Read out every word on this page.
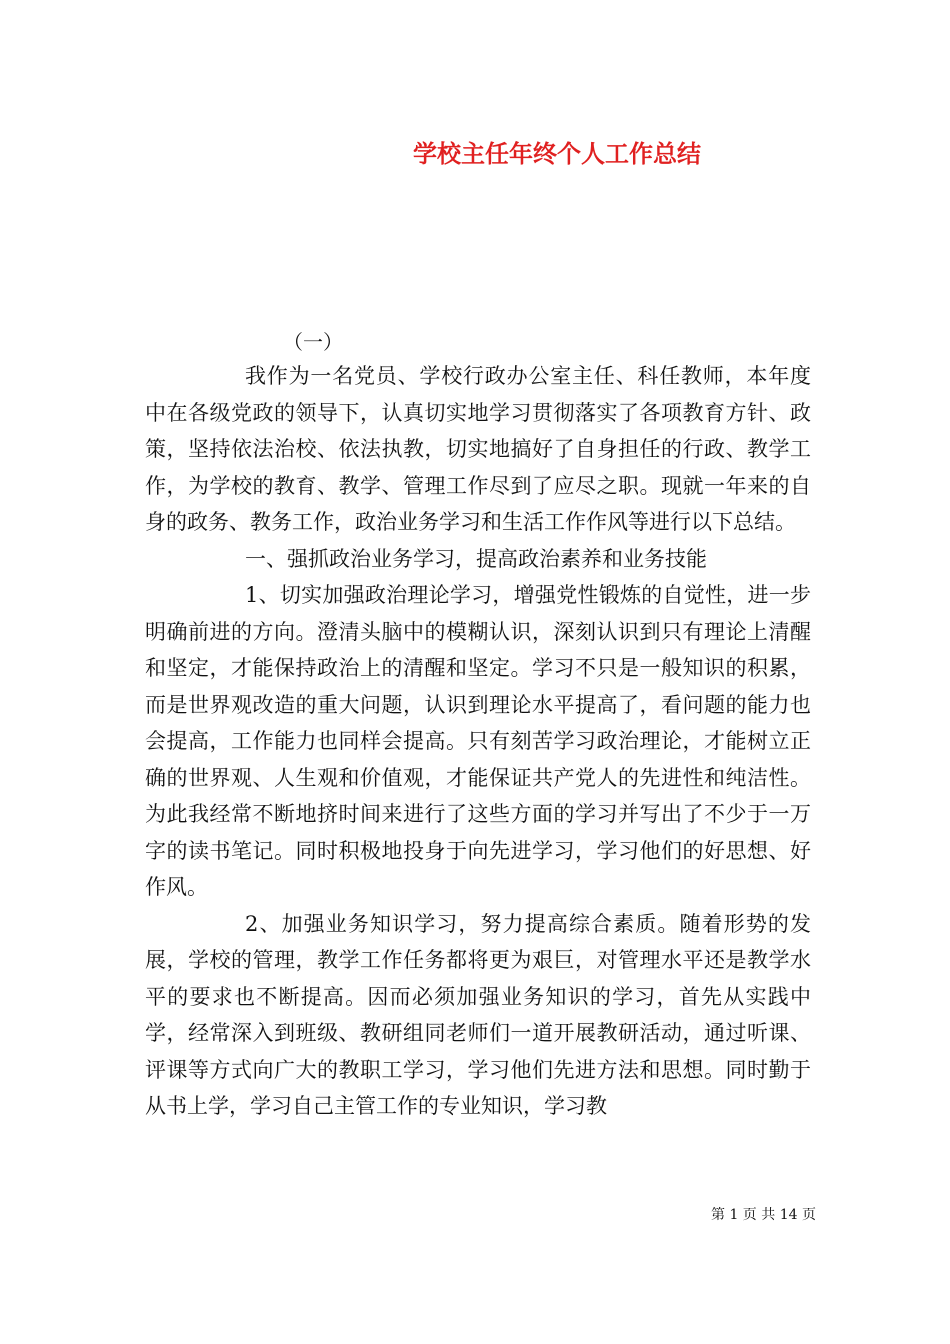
学校主任年终个人工作总结
（一）

我作为一名党员、学校行政办公室主任、科任教师，本年度中在各级党政的领导下，认真切实地学习贯彻落实了各项教育方针、政策，坚持依法治校、依法执教，切实地搞好了自身担任的行政、教学工作，为学校的教育、教学、管理工作尽到了应尽之职。现就一年来的自身的政务、教务工作，政治业务学习和生活工作作风等进行以下总结。

一、强抓政治业务学习，提高政治素养和业务技能

1、切实加强政治理论学习，增强党性锻炼的自觉性，进一步明确前进的方向。澄清头脑中的模糊认识，深刻认识到只有理论上清醒和坚定，才能保持政治上的清醒和坚定。学习不只是一般知识的积累，而是世界观改造的重大问题，认识到理论水平提高了，看问题的能力也会提高，工作能力也同样会提高。只有刻苦学习政治理论，才能树立正确的世界观、人生观和价值观，才能保证共产党人的先进性和纯洁性。为此我经常不断地挤时间来进行了这些方面的学习并写出了不少于一万字的读书笔记。同时积极地投身于向先进学习，学习他们的好思想、好作风。

2、加强业务知识学习，努力提高综合素质。随着形势的发展，学校的管理，教学工作任务都将更为艰巨，对管理水平还是教学水平的要求也不断提高。因而必须加强业务知识的学习，首先从实践中学，经常深入到班级、教研组同老师们一道开展教研活动，通过听课、评课等方式向广大的教职工学习，学习他们先进方法和思想。同时勤于从书上学，学习自己主管工作的专业知识，学习教

第 1 页 共 14 页
